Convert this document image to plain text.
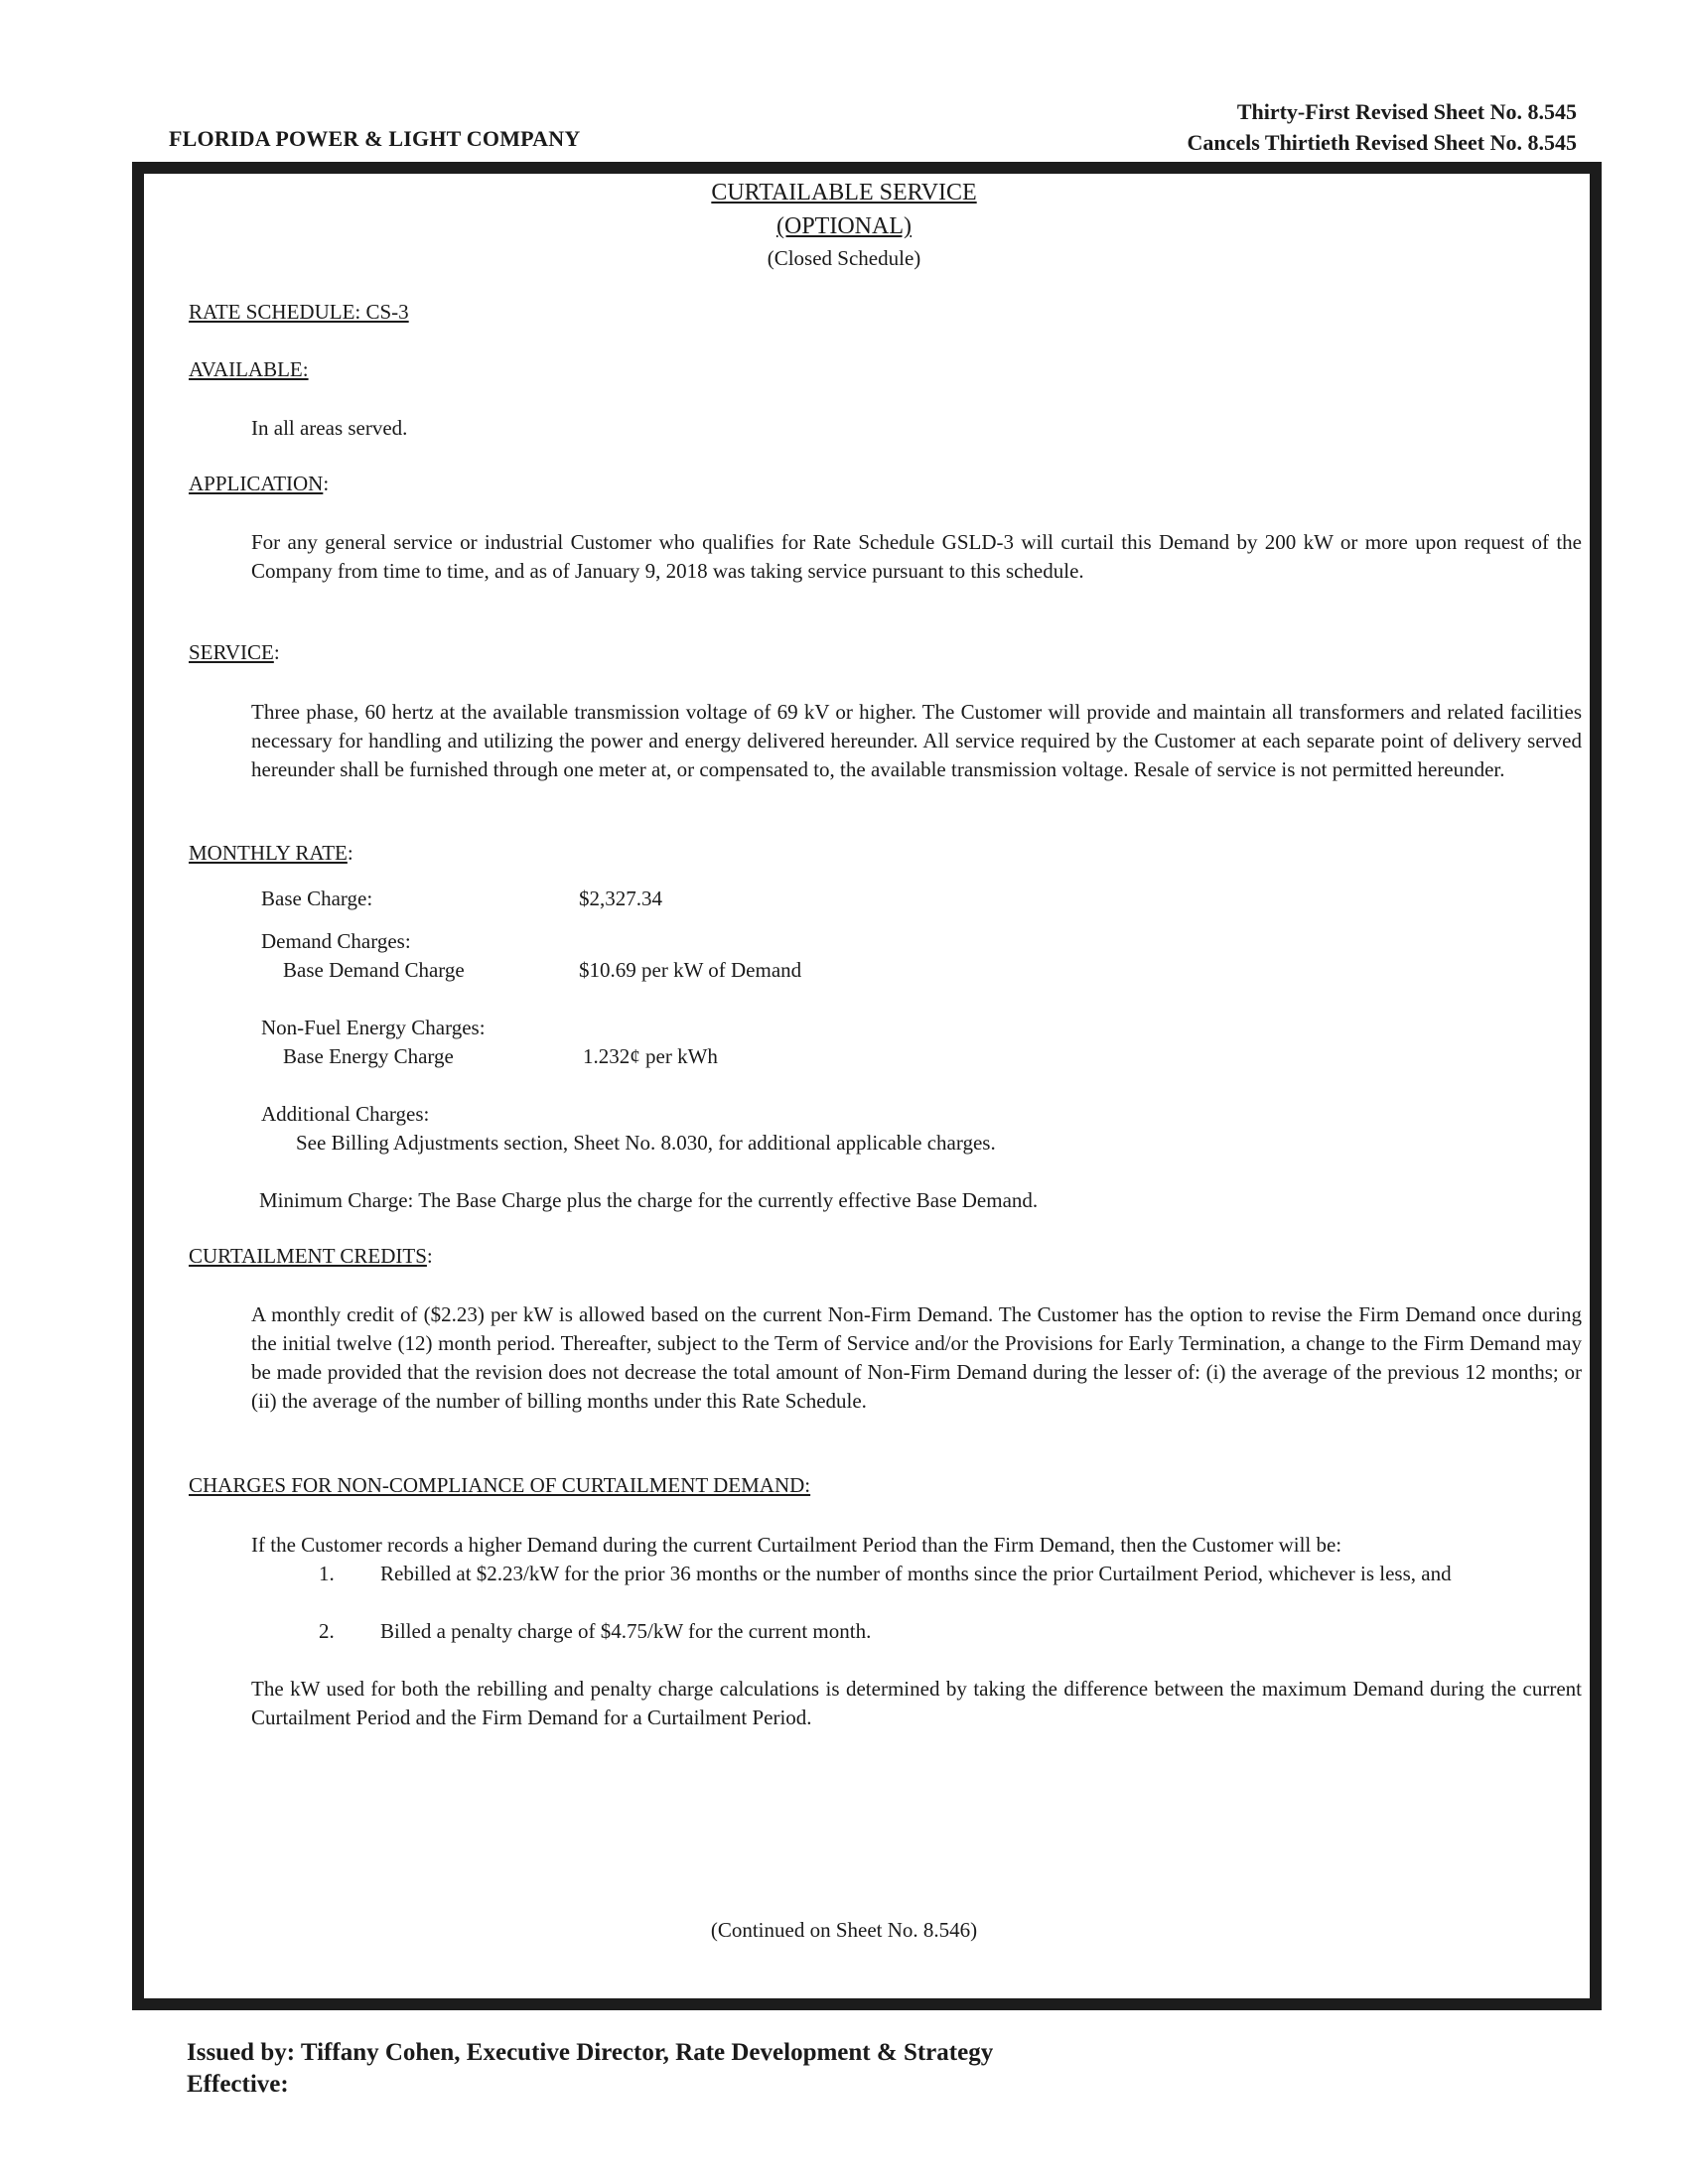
FLORIDA POWER & LIGHT COMPANY
Thirty-First Revised Sheet No. 8.545
Cancels Thirtieth Revised Sheet No. 8.545
CURTAILABLE SERVICE
(OPTIONAL)
(Closed Schedule)
RATE SCHEDULE: CS-3
AVAILABLE:
In all areas served.
APPLICATION:
For any general service or industrial Customer who qualifies for Rate Schedule GSLD-3 will curtail this Demand by 200 kW or more upon request of the Company from time to time, and as of January 9, 2018 was taking service pursuant to this schedule.
SERVICE:
Three phase, 60 hertz at the available transmission voltage of 69 kV or higher. The Customer will provide and maintain all transformers and related facilities necessary for handling and utilizing the power and energy delivered hereunder. All service required by the Customer at each separate point of delivery served hereunder shall be furnished through one meter at, or compensated to, the available transmission voltage. Resale of service is not permitted hereunder.
MONTHLY RATE:
Base Charge:	$2,327.34
Demand Charges:
Base Demand Charge	$10.69 per kW of Demand
Non-Fuel Energy Charges:
Base Energy Charge	1.232¢ per kWh
Additional Charges:
See Billing Adjustments section, Sheet No. 8.030, for additional applicable charges.
Minimum Charge: The Base Charge plus the charge for the currently effective Base Demand.
CURTAILMENT CREDITS:
A monthly credit of ($2.23) per kW is allowed based on the current Non-Firm Demand. The Customer has the option to revise the Firm Demand once during the initial twelve (12) month period. Thereafter, subject to the Term of Service and/or the Provisions for Early Termination, a change to the Firm Demand may be made provided that the revision does not decrease the total amount of Non-Firm Demand during the lesser of: (i) the average of the previous 12 months; or (ii) the average of the number of billing months under this Rate Schedule.
CHARGES FOR NON-COMPLIANCE OF CURTAILMENT DEMAND:
If the Customer records a higher Demand during the current Curtailment Period than the Firm Demand, then the Customer will be:
1. Rebilled at $2.23/kW for the prior 36 months or the number of months since the prior Curtailment Period, whichever is less, and
2. Billed a penalty charge of $4.75/kW for the current month.
The kW used for both the rebilling and penalty charge calculations is determined by taking the difference between the maximum Demand during the current Curtailment Period and the Firm Demand for a Curtailment Period.
(Continued on Sheet No. 8.546)
Issued by: Tiffany Cohen, Executive Director, Rate Development & Strategy
Effective:
